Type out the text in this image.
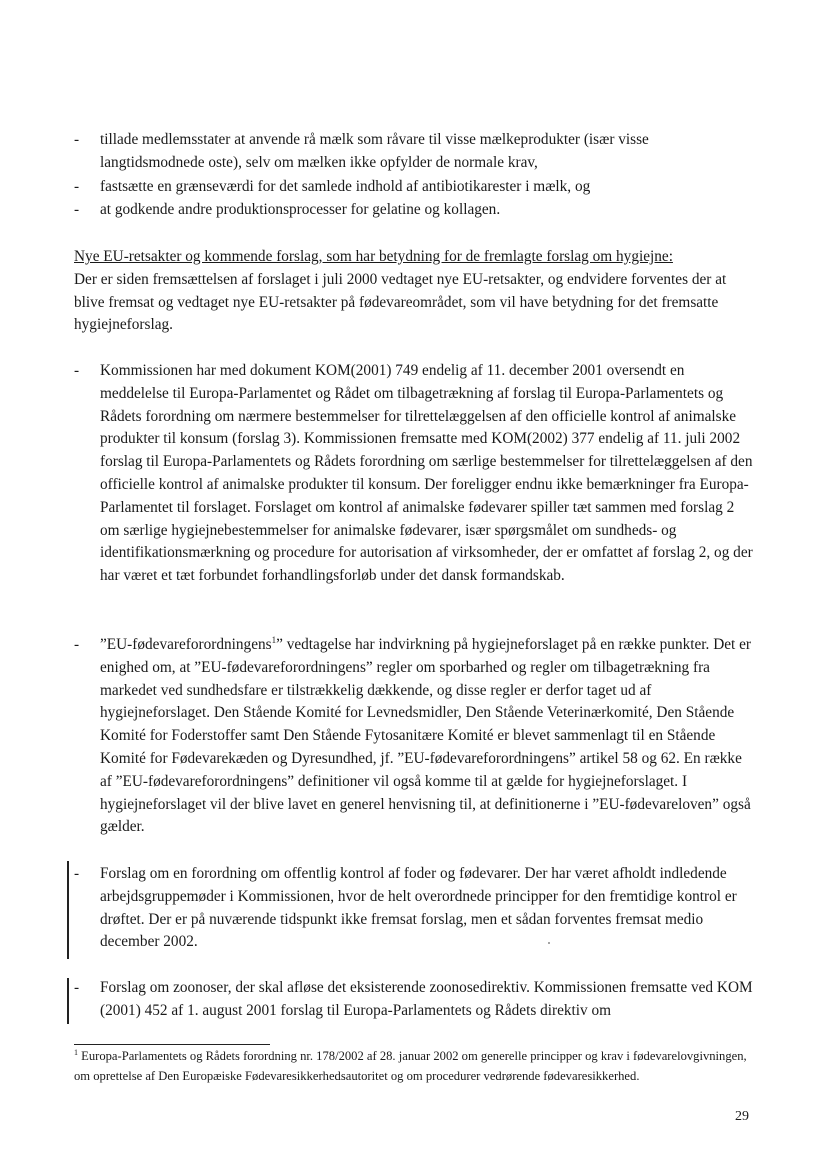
- tillade medlemsstater at anvende rå mælk som råvare til visse mælkeprodukter (især visse langtidsmodnede oste), selv om mælken ikke opfylder de normale krav,
- fastsætte en grænseværdi for det samlede indhold af antibiotikarester i mælk, og
- at godkende andre produktionsprocesser for gelatine og kollagen.
Nye EU-retsakter og kommende forslag, som har betydning for de fremlagte forslag om hygiejne:
Der er siden fremsættelsen af forslaget i juli 2000 vedtaget nye EU-retsakter, og endvidere forventes der at blive fremsat og vedtaget nye EU-retsakter på fødevareområdet, som vil have betydning for det fremsatte hygiejneforslag.
- Kommissionen har med dokument KOM(2001) 749 endelig af 11. december 2001 oversendt en meddelelse til Europa-Parlamentet og Rådet om tilbagetrækning af forslag til Europa-Parlamentets og Rådets forordning om nærmere bestemmelser for tilrettelæggelsen af den officielle kontrol af animalske produkter til konsum (forslag 3). Kommissionen fremsatte med KOM(2002) 377 endelig af 11. juli 2002 forslag til Europa-Parlamentets og Rådets forordning om særlige bestemmelser for tilrettelæggelsen af den officielle kontrol af animalske produkter til konsum. Der foreligger endnu ikke bemærkninger fra Europa-Parlamentet til forslaget. Forslaget om kontrol af animalske fødevarer spiller tæt sammen med forslag 2 om særlige hygiejnebestemmelser for animalske fødevarer, især spørgsmålet om sundheds- og identifikationsmærkning og procedure for autorisation af virksomheder, der er omfattet af forslag 2, og der har været et tæt forbundet forhandlingsforløb under det dansk formandskab.
- ”EU-fødevareforordningens$^1$” vedtagelse har indvirkning på hygiejneforslaget på en række punkter. Det er enighed om, at ”EU-fødevareforordningens” regler om sporbarhed og regler om tilbagetrækning fra markedet ved sundhedsfare er tilstrækkelig dækkende, og disse regler er derfor taget ud af hygiejneforslaget. Den Stående Komité for Levnedsmidler, Den Stående Veterinærkomité, Den Stående Komité for Foderstoffer samt Den Stående Fytosanitære Komité er blevet sammenlagt til en Stående Komité for Fødevarekæden og Dyresundhed, jf. ”EU-fødevareforordningens” artikel 58 og 62. En række af ”EU-fødevareforordningens” definitioner vil også komme til at gælde for hygiejneforslaget. I hygiejneforslaget vil der blive lavet en generel henvisning til, at definitionerne i ”EU-fødevareloven” også gælder.
- Forslag om en forordning om offentlig kontrol af foder og fødevarer. Der har været afholdt indledende arbejdsgruppemøder i Kommissionen, hvor de helt overordnede principper for den fremtidige kontrol er drøftet. Der er på nuværende tidspunkt ikke fremsat forslag, men et sådan forventes fremsat medio december 2002.
- Forslag om zoonoser, der skal afløse det eksisterende zoonosedirektiv. Kommissionen fremsatte ved KOM (2001) 452 af 1. august 2001 forslag til Europa-Parlamentets og Rådets direktiv om
$^1$ Europa-Parlamentets og Rådets forordning nr. 178/2002 af 28. januar 2002 om generelle principper og krav i fødevarelovgivningen, om oprettelse af Den Europæiske Fødevaresikkerhedsautoritet og om procedurer vedrørende fødevaresikkerhed.
29
